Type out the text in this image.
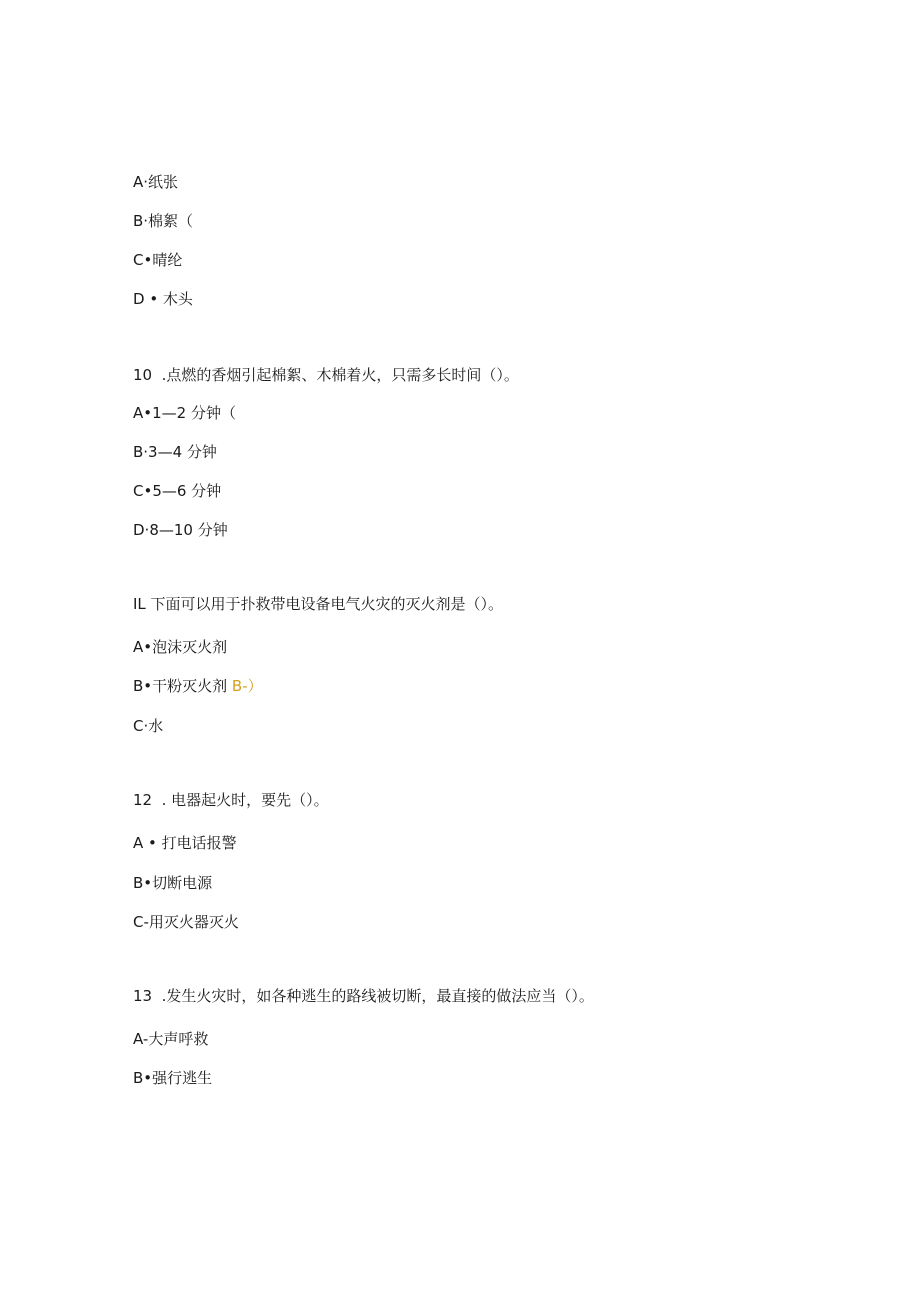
A·纸张
B·棉絮（
C•晴纶
D • 木头
10  .点燃的香烟引起棉絮、木棉着火，只需多长时间（）。
A•1—2 分钟（
B·3—4 分钟
C•5—6 分钟
D·8—10 分钟
IL 下面可以用于扑救带电设备电气火灾的灭火剂是（）。
A•泡沫灭火剂
B•干粉灭火剂 B-）
C·水
12  . 电器起火时，要先（）。
A • 打电话报警
B•切断电源
C-用灭火器灭火
13  .发生火灾时，如各种逃生的路线被切断，最直接的做法应当（）。
A-大声呼救
B•强行逃生
